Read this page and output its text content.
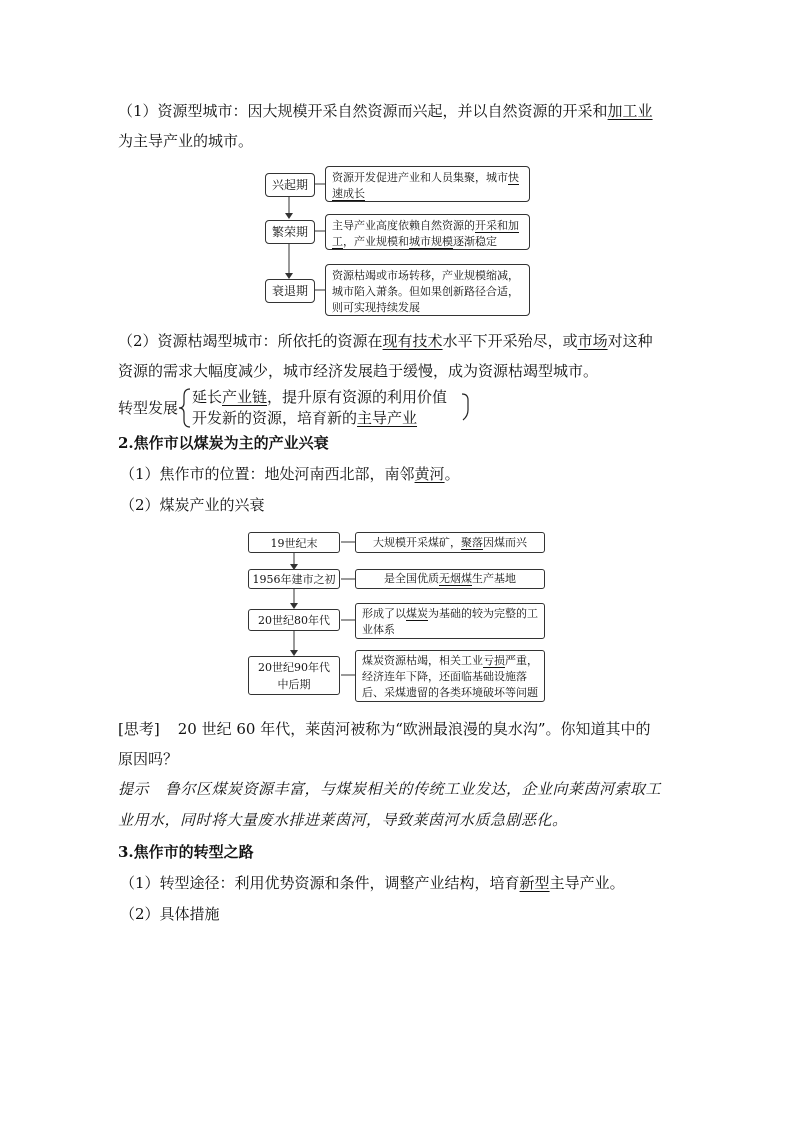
（1）资源型城市：因大规模开采自然资源而兴起，并以自然资源的开采和加工业
为主导产业的城市。
兴起期
繁荣期
衰退期
资源开发促进产业和人员集聚，城市快速成长
主导产业高度依赖自然资源的开采和加工，产业规模和城市规模逐渐稳定
资源枯竭或市场转移，产业规模缩减，城市陷入萧条。但如果创新路径合适，则可实现持续发展
（2）资源枯竭型城市：所依托的资源在现有技术水平下开采殆尽，或市场对这种
资源的需求大幅度减少，城市经济发展趋于缓慢，成为资源枯竭型城市。
转型发展
延长产业链，提升原有资源的利用价值
开发新的资源，培育新的主导产业
2.焦作市以煤炭为主的产业兴衰
（1）焦作市的位置：地处河南西北部，南邻黄河。
（2）煤炭产业的兴衰
19世纪末
1956年建市之初
20世纪80年代
20世纪90年代
中后期
大规模开采煤矿，聚落因煤而兴
是全国优质无烟煤生产基地
形成了以煤炭为基础的较为完整的工业体系
煤炭资源枯竭，相关工业亏损严重，经济连年下降，还面临基础设施落后、采煤遗留的各类环境破坏等问题
[思考] 20 世纪 60 年代，莱茵河被称为“欧洲最浪漫的臭水沟”。你知道其中的
原因吗？
提示 鲁尔区煤炭资源丰富，与煤炭相关的传统工业发达，企业向莱茵河索取工
业用水，同时将大量废水排进莱茵河，导致莱茵河水质急剧恶化。
3.焦作市的转型之路
（1）转型途径：利用优势资源和条件，调整产业结构，培育新型主导产业。
（2）具体措施
